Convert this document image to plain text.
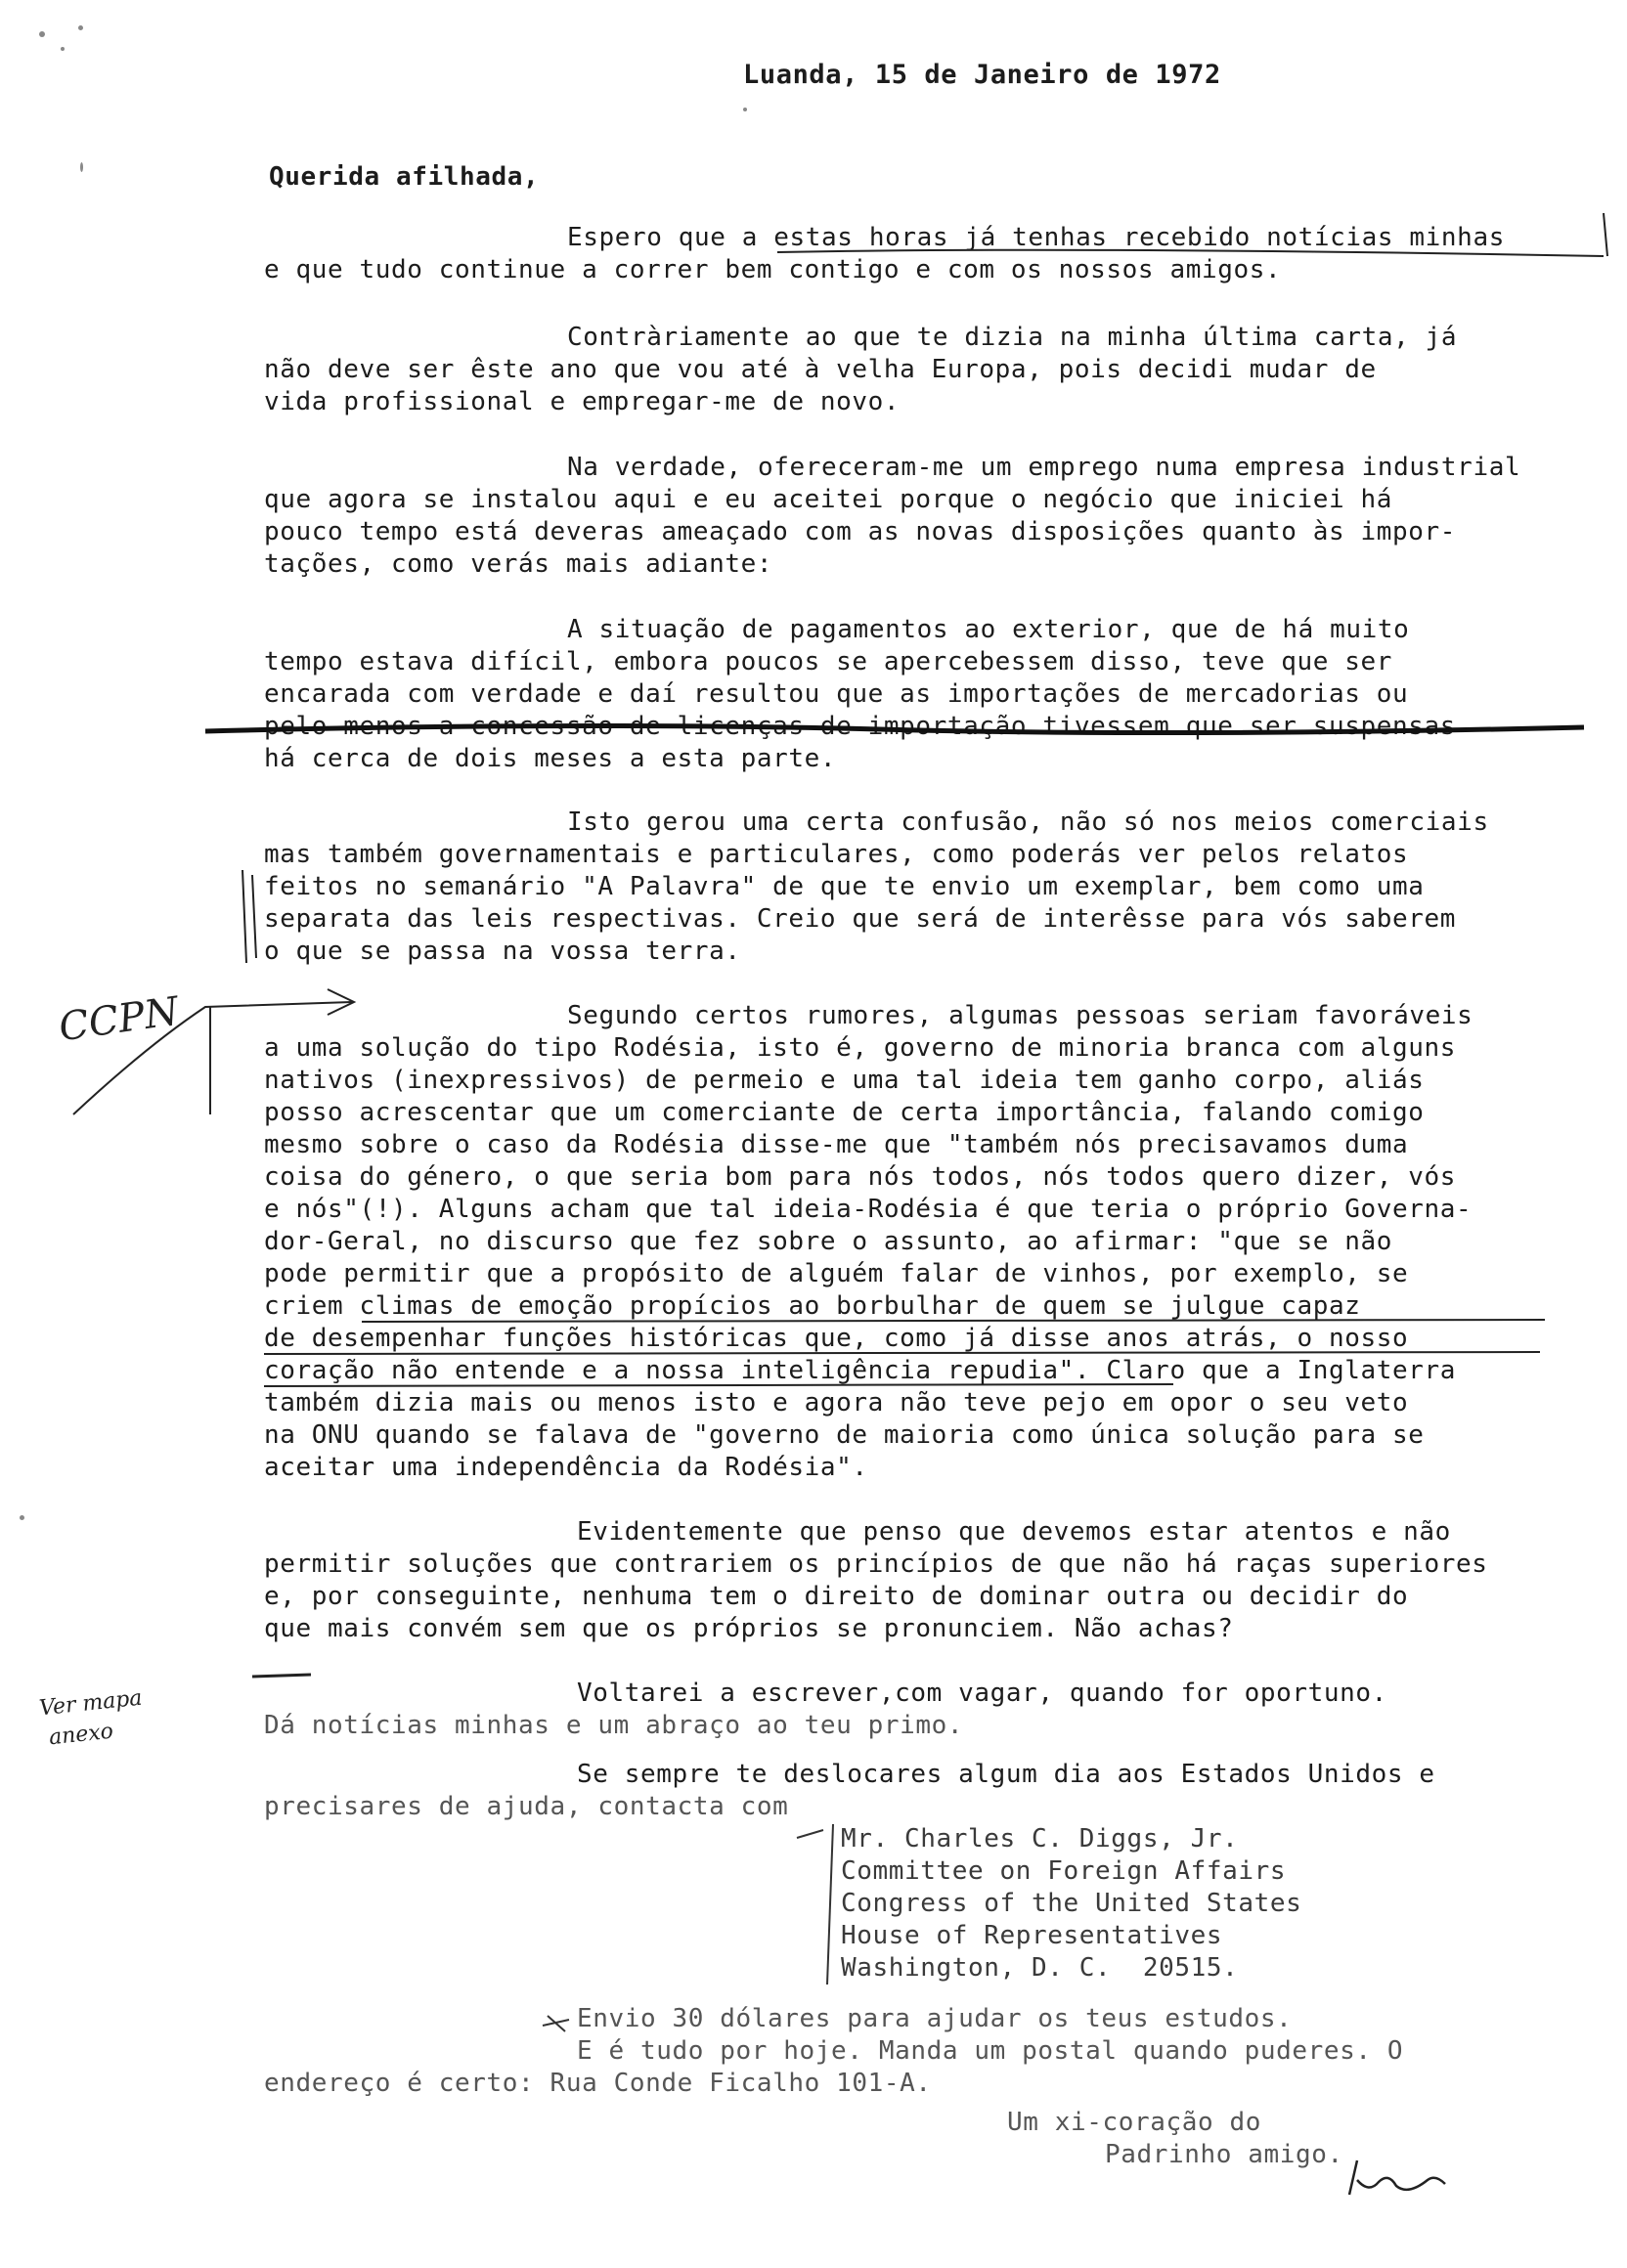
Luanda, 15 de Janeiro de 1972
Querida afilhada,
Espero que a estas horas já tenhas recebido notícias minhas
e que tudo continue a correr bem contigo e com os nossos amigos.
Contràriamente ao que te dizia na minha última carta, já
não deve ser êste ano que vou até à velha Europa, pois decidi mudar de
vida profissional e empregar-me de novo.
Na verdade, ofereceram-me um emprego numa empresa industrial
que agora se instalou aqui e eu aceitei porque o negócio que iniciei há
pouco tempo está deveras ameaçado com as novas disposições quanto às impor-
tações, como verás mais adiante:
A situação de pagamentos ao exterior, que de há muito
tempo estava difícil, embora poucos se apercebessem disso, teve que ser
encarada com verdade e daí resultou que as importações de mercadorias ou
pelo menos a concessão de licenças de importação tivessem que ser suspensas
há cerca de dois meses a esta parte.
Isto gerou uma certa confusão, não só nos meios comerciais
mas também governamentais e particulares, como poderás ver pelos relatos
feitos no semanário "A Palavra" de que te envio um exemplar, bem como uma
separata das leis respectivas. Creio que será de interêsse para vós saberem
o que se passa na vossa terra.
Segundo certos rumores, algumas pessoas seriam favoráveis
a uma solução do tipo Rodésia, isto é, governo de minoria branca com alguns
nativos (inexpressivos) de permeio e uma tal ideia tem ganho corpo, aliás
posso acrescentar que um comerciante de certa importância, falando comigo
mesmo sobre o caso da Rodésia disse-me que "também nós precisavamos duma
coisa do género, o que seria bom para nós todos, nós todos quero dizer, vós
e nós"(!). Alguns acham que tal ideia-Rodésia é que teria o próprio Governa-
dor-Geral, no discurso que fez sobre o assunto, ao afirmar: "que se não
pode permitir que a propósito de alguém falar de vinhos, por exemplo, se
criem climas de emoção propícios ao borbulhar de quem se julgue capaz
de desempenhar funções históricas que, como já disse anos atrás, o nosso
coração não entende e a nossa inteligência repudia". Claro que a Inglaterra
também dizia mais ou menos isto e agora não teve pejo em opor o seu veto
na ONU quando se falava de "governo de maioria como única solução para se
aceitar uma independência da Rodésia".
Evidentemente que penso que devemos estar atentos e não
permitir soluções que contrariem os princípios de que não há raças superiores
e, por conseguinte, nenhuma tem o direito de dominar outra ou decidir do
que mais convém sem que os próprios se pronunciem. Não achas?
Voltarei a escrever,com vagar, quando for oportuno.
Dá notícias minhas e um abraço ao teu primo.
Se sempre te deslocares algum dia aos Estados Unidos e
precisares de ajuda, contacta com
Mr. Charles C. Diggs, Jr.
Committee on Foreign Affairs
Congress of the United States
House of Representatives
Washington, D. C.  20515.
Envio 30 dólares para ajudar os teus estudos.
E é tudo por hoje. Manda um postal quando puderes. O
endereço é certo: Rua Conde Ficalho 101-A.
Um xi-coração do
Padrinho amigo.
CCPN
Ver mapa
anexo
